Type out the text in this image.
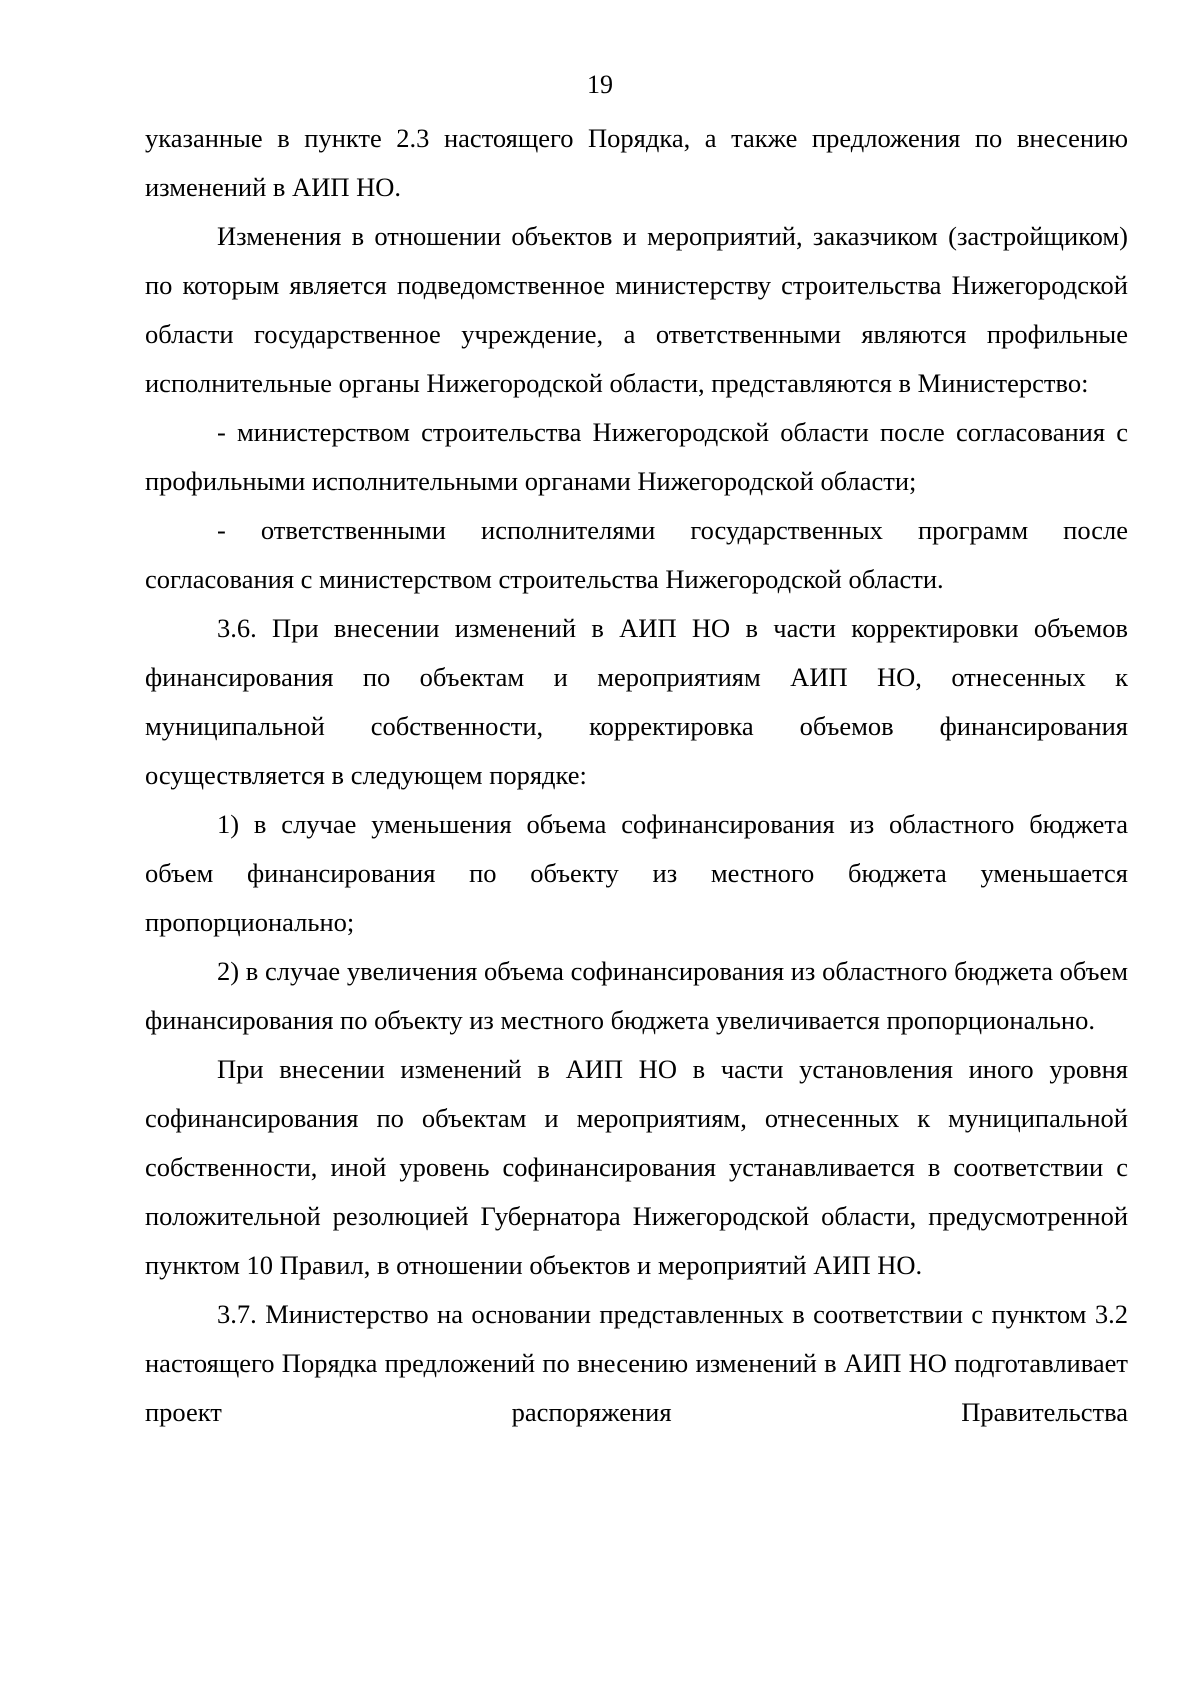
19

указанные в пункте 2.3 настоящего Порядка, а также предложения по внесению изменений в АИП НО.

Изменения в отношении объектов и мероприятий, заказчиком (застройщиком) по которым является подведомственное министерству строительства Нижегородской области государственное учреждение, а ответственными являются профильные исполнительные органы Нижегородской области, представляются в Министерство:

- министерством строительства Нижегородской области после согласования с профильными исполнительными органами Нижегородской области;

- ответственными исполнителями государственных программ после согласования с министерством строительства Нижегородской области.

3.6. При внесении изменений в АИП НО в части корректировки объемов финансирования по объектам и мероприятиям АИП НО, отнесенных к муниципальной собственности, корректировка объемов финансирования осуществляется в следующем порядке:

1) в случае уменьшения объема софинансирования из областного бюджета объем финансирования по объекту из местного бюджета уменьшается пропорционально;

2) в случае увеличения объема софинансирования из областного бюджета объем финансирования по объекту из местного бюджета увеличивается пропорционально.

При внесении изменений в АИП НО в части установления иного уровня софинансирования по объектам и мероприятиям, отнесенных к муниципальной собственности, иной уровень софинансирования устанавливается в соответствии с положительной резолюцией Губернатора Нижегородской области, предусмотренной пунктом 10 Правил, в отношении объектов и мероприятий АИП НО.

3.7. Министерство на основании представленных в соответствии с пунктом 3.2 настоящего Порядка предложений по внесению изменений в АИП НО подготавливает проект распоряжения Правительства
